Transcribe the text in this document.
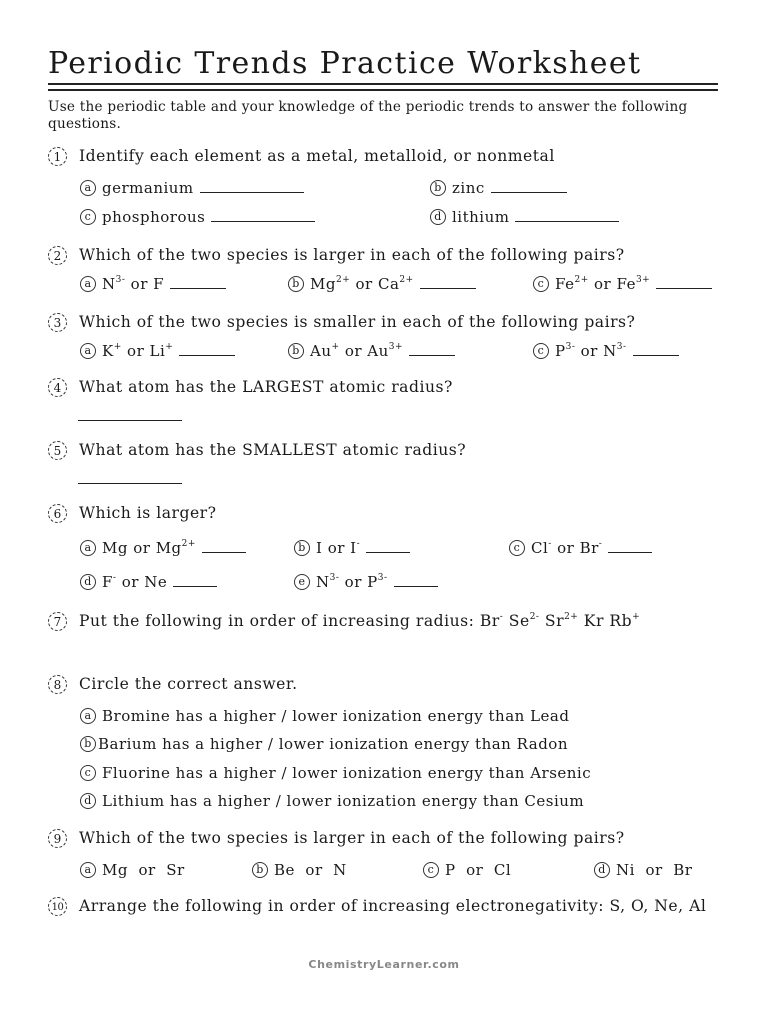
Periodic Trends Practice Worksheet
Use the periodic table and your knowledge of the periodic trends to answer the following questions.
1	Identify each element as a metal, metalloid, or nonmetal
a germanium	b zinc
c phosphorous	d lithium
2	Which of the two species is larger in each of the following pairs?
a $N^{3-}$ or F	b $Mg^{2+}$ or $Ca^{2+}$	c $Fe^{2+}$ or $Fe^{3+}$
3	Which of the two species is smaller in each of the following pairs?
a K+ or Li+	b Au+ or $Au^{3+}$	c $P^{3-}$ or $N^{3-}$
4	What atom has the LARGEST atomic radius?
5	What atom has the SMALLEST atomic radius?
6	Which is larger?
a Mg or $Mg^{2+}$	b I or I-	c Cl- or Br-
d F- or Ne	e $N^{3-}$ or $P^{3-}$
7	Put the following in order of increasing radius: Br- $Se^{2-}$ $Sr^{2+}$ Kr Rb+
8	Circle the correct answer.
a Bromine has a higher / lower ionization energy than Lead
b Barium has a higher / lower ionization energy than Radon
c Fluorine has a higher / lower ionization energy than Arsenic
d Lithium has a higher / lower ionization energy than Cesium
9	Which of the two species is larger in each of the following pairs?
a Mg  or  Sr	b Be  or  N	c P  or  Cl	d Ni  or  Br
10 Arrange the following in order of increasing electronegativity: S, O, Ne, Al
ChemistryLearner.com
